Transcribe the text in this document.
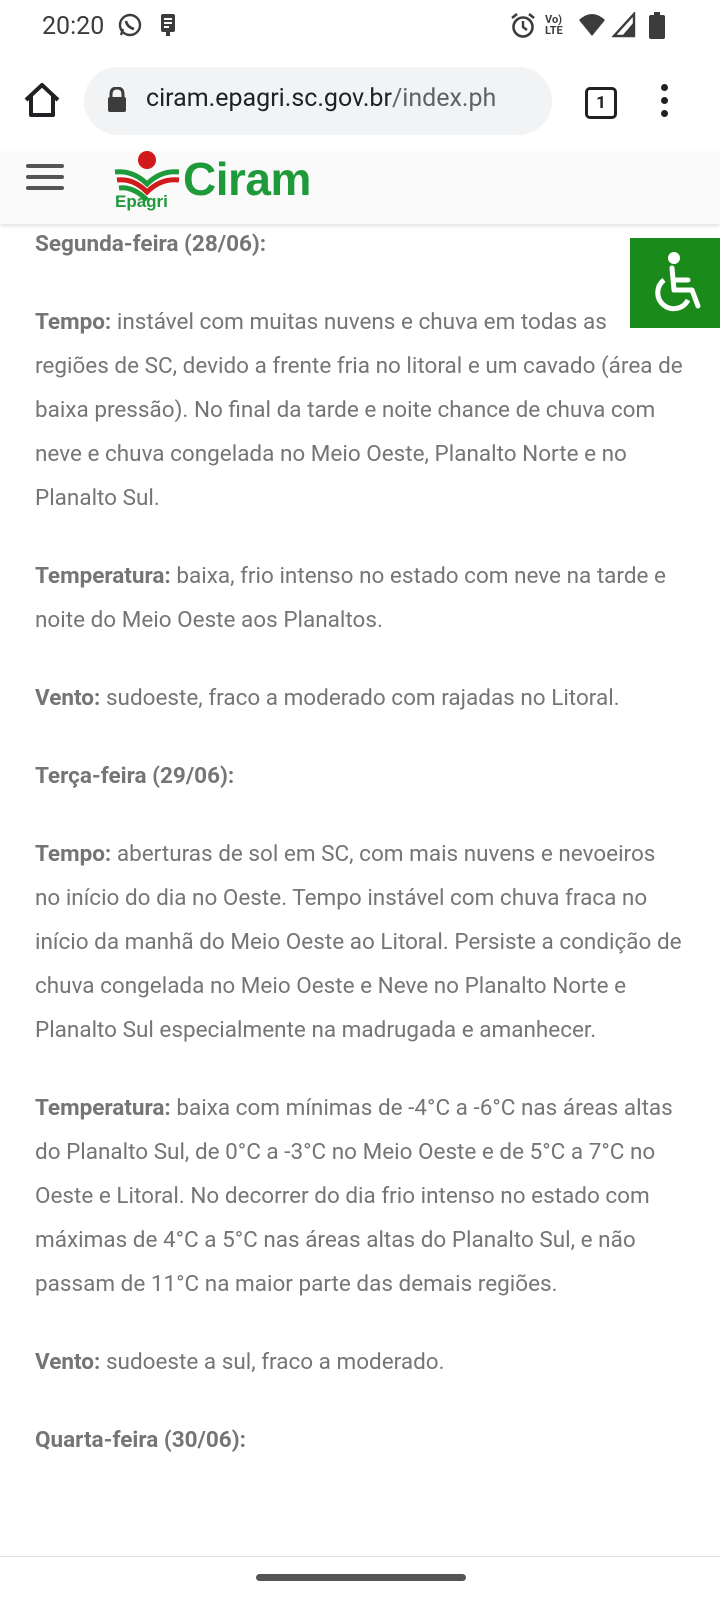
20:20	Vo) LTE
ciram.epagri.sc.gov.br/index.ph	1
Ciram
Epagri

Segunda-feira (28/06):

Tempo: instável com muitas nuvens e chuva em todas as regiões de SC, devido a frente fria no litoral e um cavado (área de baixa pressão). No final da tarde e noite chance de chuva com neve e chuva congelada no Meio Oeste, Planalto Norte e no Planalto Sul.

Temperatura: baixa, frio intenso no estado com neve na tarde e noite do Meio Oeste aos Planaltos.

Vento: sudoeste, fraco a moderado com rajadas no Litoral.

Terça-feira (29/06):

Tempo: aberturas de sol em SC, com mais nuvens e nevoeiros no início do dia no Oeste. Tempo instável com chuva fraca no início da manhã do Meio Oeste ao Litoral. Persiste a condição de chuva congelada no Meio Oeste e Neve no Planalto Norte e Planalto Sul especialmente na madrugada e amanhecer.

Temperatura: baixa com mínimas de -4°C a -6°C nas áreas altas do Planalto Sul, de 0°C a -3°C no Meio Oeste e de 5°C a 7°C no Oeste e Litoral. No decorrer do dia frio intenso no estado com máximas de 4°C a 5°C nas áreas altas do Planalto Sul, e não passam de 11°C na maior parte das demais regiões.

Vento: sudoeste a sul, fraco a moderado.

Quarta-feira (30/06):
